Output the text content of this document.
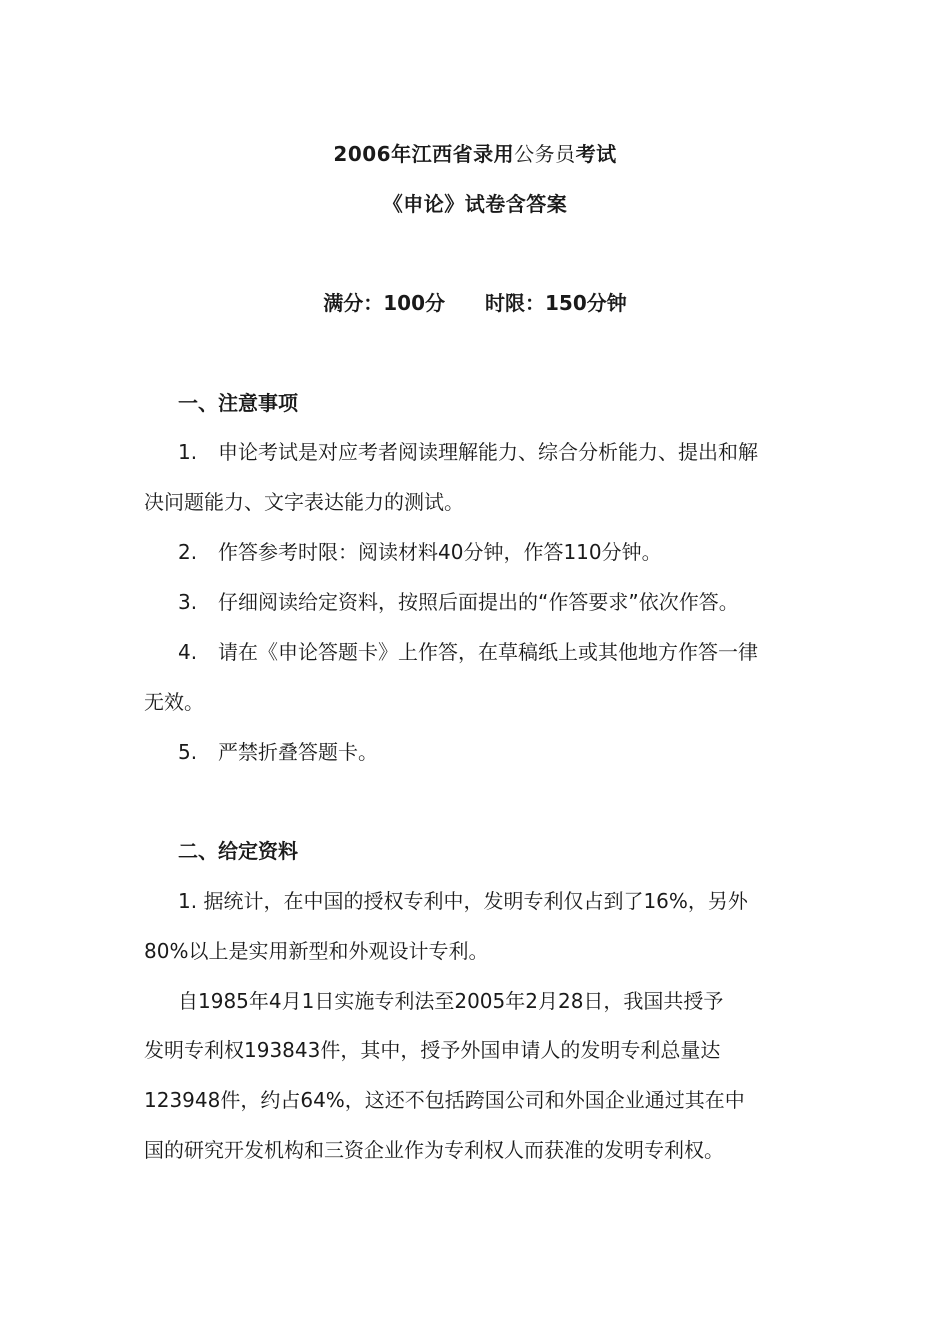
2006年江西省录用公务员考试
《申论》试卷含答案
满分：100分 时限：150分钟
一、注意事项
1. 申论考试是对应考者阅读理解能力、综合分析能力、提出和解
决问题能力、文字表达能力的测试。
2. 作答参考时限：阅读材料40分钟，作答110分钟。
3. 仔细阅读给定资料，按照后面提出的“作答要求”依次作答。
4. 请在《申论答题卡》上作答，在草稿纸上或其他地方作答一律
无效。
5. 严禁折叠答题卡。
二、给定资料
1. 据统计，在中国的授权专利中，发明专利仅占到了16%，另外
80%以上是实用新型和外观设计专利。
自1985年4月1日实施专利法至2005年2月28日，我国共授予
发明专利权193843件，其中，授予外国申请人的发明专利总量达
123948件，约占64%，这还不包括跨国公司和外国企业通过其在中
国的研究开发机构和三资企业作为专利权人而获准的发明专利权。
